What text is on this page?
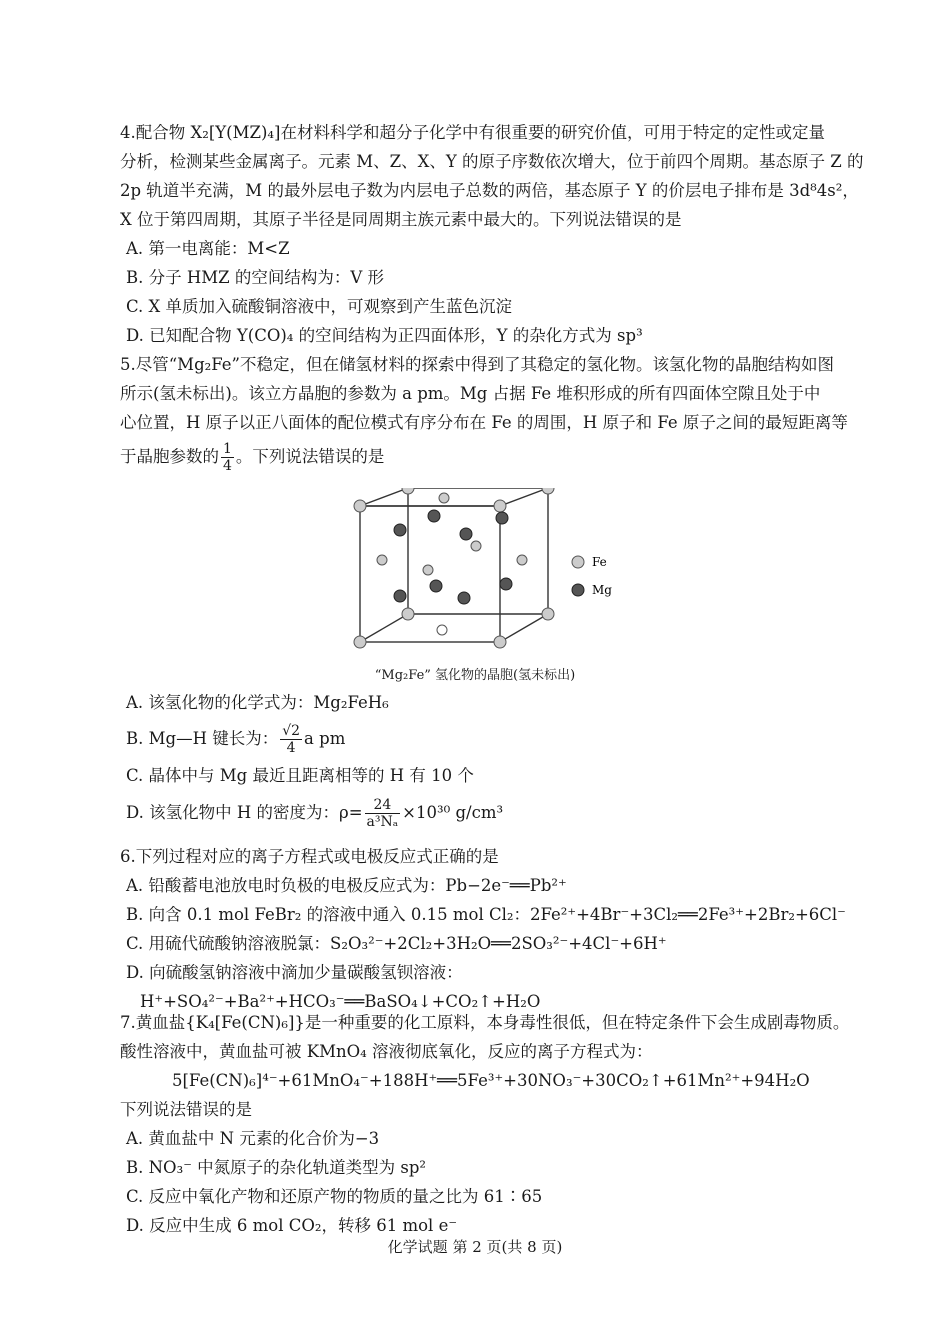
4.配合物 X₂[Y(MZ)₄]在材料科学和超分子化学中有很重要的研究价值，可用于特定的定性或定量
分析，检测某些金属离子。元素 M、Z、X、Y 的原子序数依次增大，位于前四个周期。基态原子 Z 的
2p 轨道半充满，M 的最外层电子数为内层电子总数的两倍，基态原子 Y 的价层电子排布是 3d⁸4s²，
X 位于第四周期，其原子半径是同周期主族元素中最大的。下列说法错误的是
A. 第一电离能：M<Z
B. 分子 HMZ 的空间结构为：V 形
C. X 单质加入硫酸铜溶液中，可观察到产生蓝色沉淀
D. 已知配合物 Y(CO)₄ 的空间结构为正四面体形，Y 的杂化方式为 sp³
5.尽管“Mg₂Fe”不稳定，但在储氢材料的探索中得到了其稳定的氢化物。该氢化物的晶胞结构如图
所示(氢未标出)。该立方晶胞的参数为 a pm。Mg 占据 Fe 堆积形成的所有四面体空隙且处于中
心位置，H 原子以正八面体的配位模式有序分布在 Fe 的周围，H 原子和 Fe 原子之间的最短距离等
于晶胞参数的 $\frac{1}{4}$ 。下列说法错误的是
Fe
Mg
“Mg₂Fe” 氢化物的晶胞(氢未标出)
A. 该氢化物的化学式为：Mg₂FeH₆
B. Mg—H 键长为： $\frac{√2}{4}$ a pm
C. 晶体中与 Mg 最近且距离相等的 H 有 10 个
D. 该氢化物中 H 的密度为：$\rho= \frac{24}{\text{a³Nₐ}} \times 10^{30}$ g/cm³
6.下列过程对应的离子方程式或电极反应式正确的是
A. 铅酸蓄电池放电时负极的电极反应式为：Pb−2e⁻══Pb²⁺
B. 向含 0.1 mol FeBr₂ 的溶液中通入 0.15 mol Cl₂：2Fe²⁺+4Br⁻+3Cl₂══2Fe³⁺+2Br₂+6Cl⁻
C. 用硫代硫酸钠溶液脱氯：S₂O₃²⁻+2Cl₂+3H₂O══2SO₃²⁻+4Cl⁻+6H⁺
D. 向硫酸氢钠溶液中滴加少量碳酸氢钡溶液：
H⁺+SO₄²⁻+Ba²⁺+HCO₃⁻══BaSO₄↓+CO₂↑+H₂O
7.黄血盐{K₄[Fe(CN)₆]}是一种重要的化工原料，本身毒性很低，但在特定条件下会生成剧毒物质。
酸性溶液中，黄血盐可被 KMnO₄ 溶液彻底氧化，反应的离子方程式为：
5[Fe(CN)₆]⁴⁻+61MnO₄⁻+188H⁺══5Fe³⁺+30NO₃⁻+30CO₂↑+61Mn²⁺+94H₂O
下列说法错误的是
A. 黄血盐中 N 元素的化合价为−3
B. NO₃⁻ 中氮原子的杂化轨道类型为 sp²
C. 反应中氧化产物和还原产物的物质的量之比为 61∶65
D. 反应中生成 6 mol CO₂，转移 61 mol e⁻
化学试题 第 2 页(共 8 页)
